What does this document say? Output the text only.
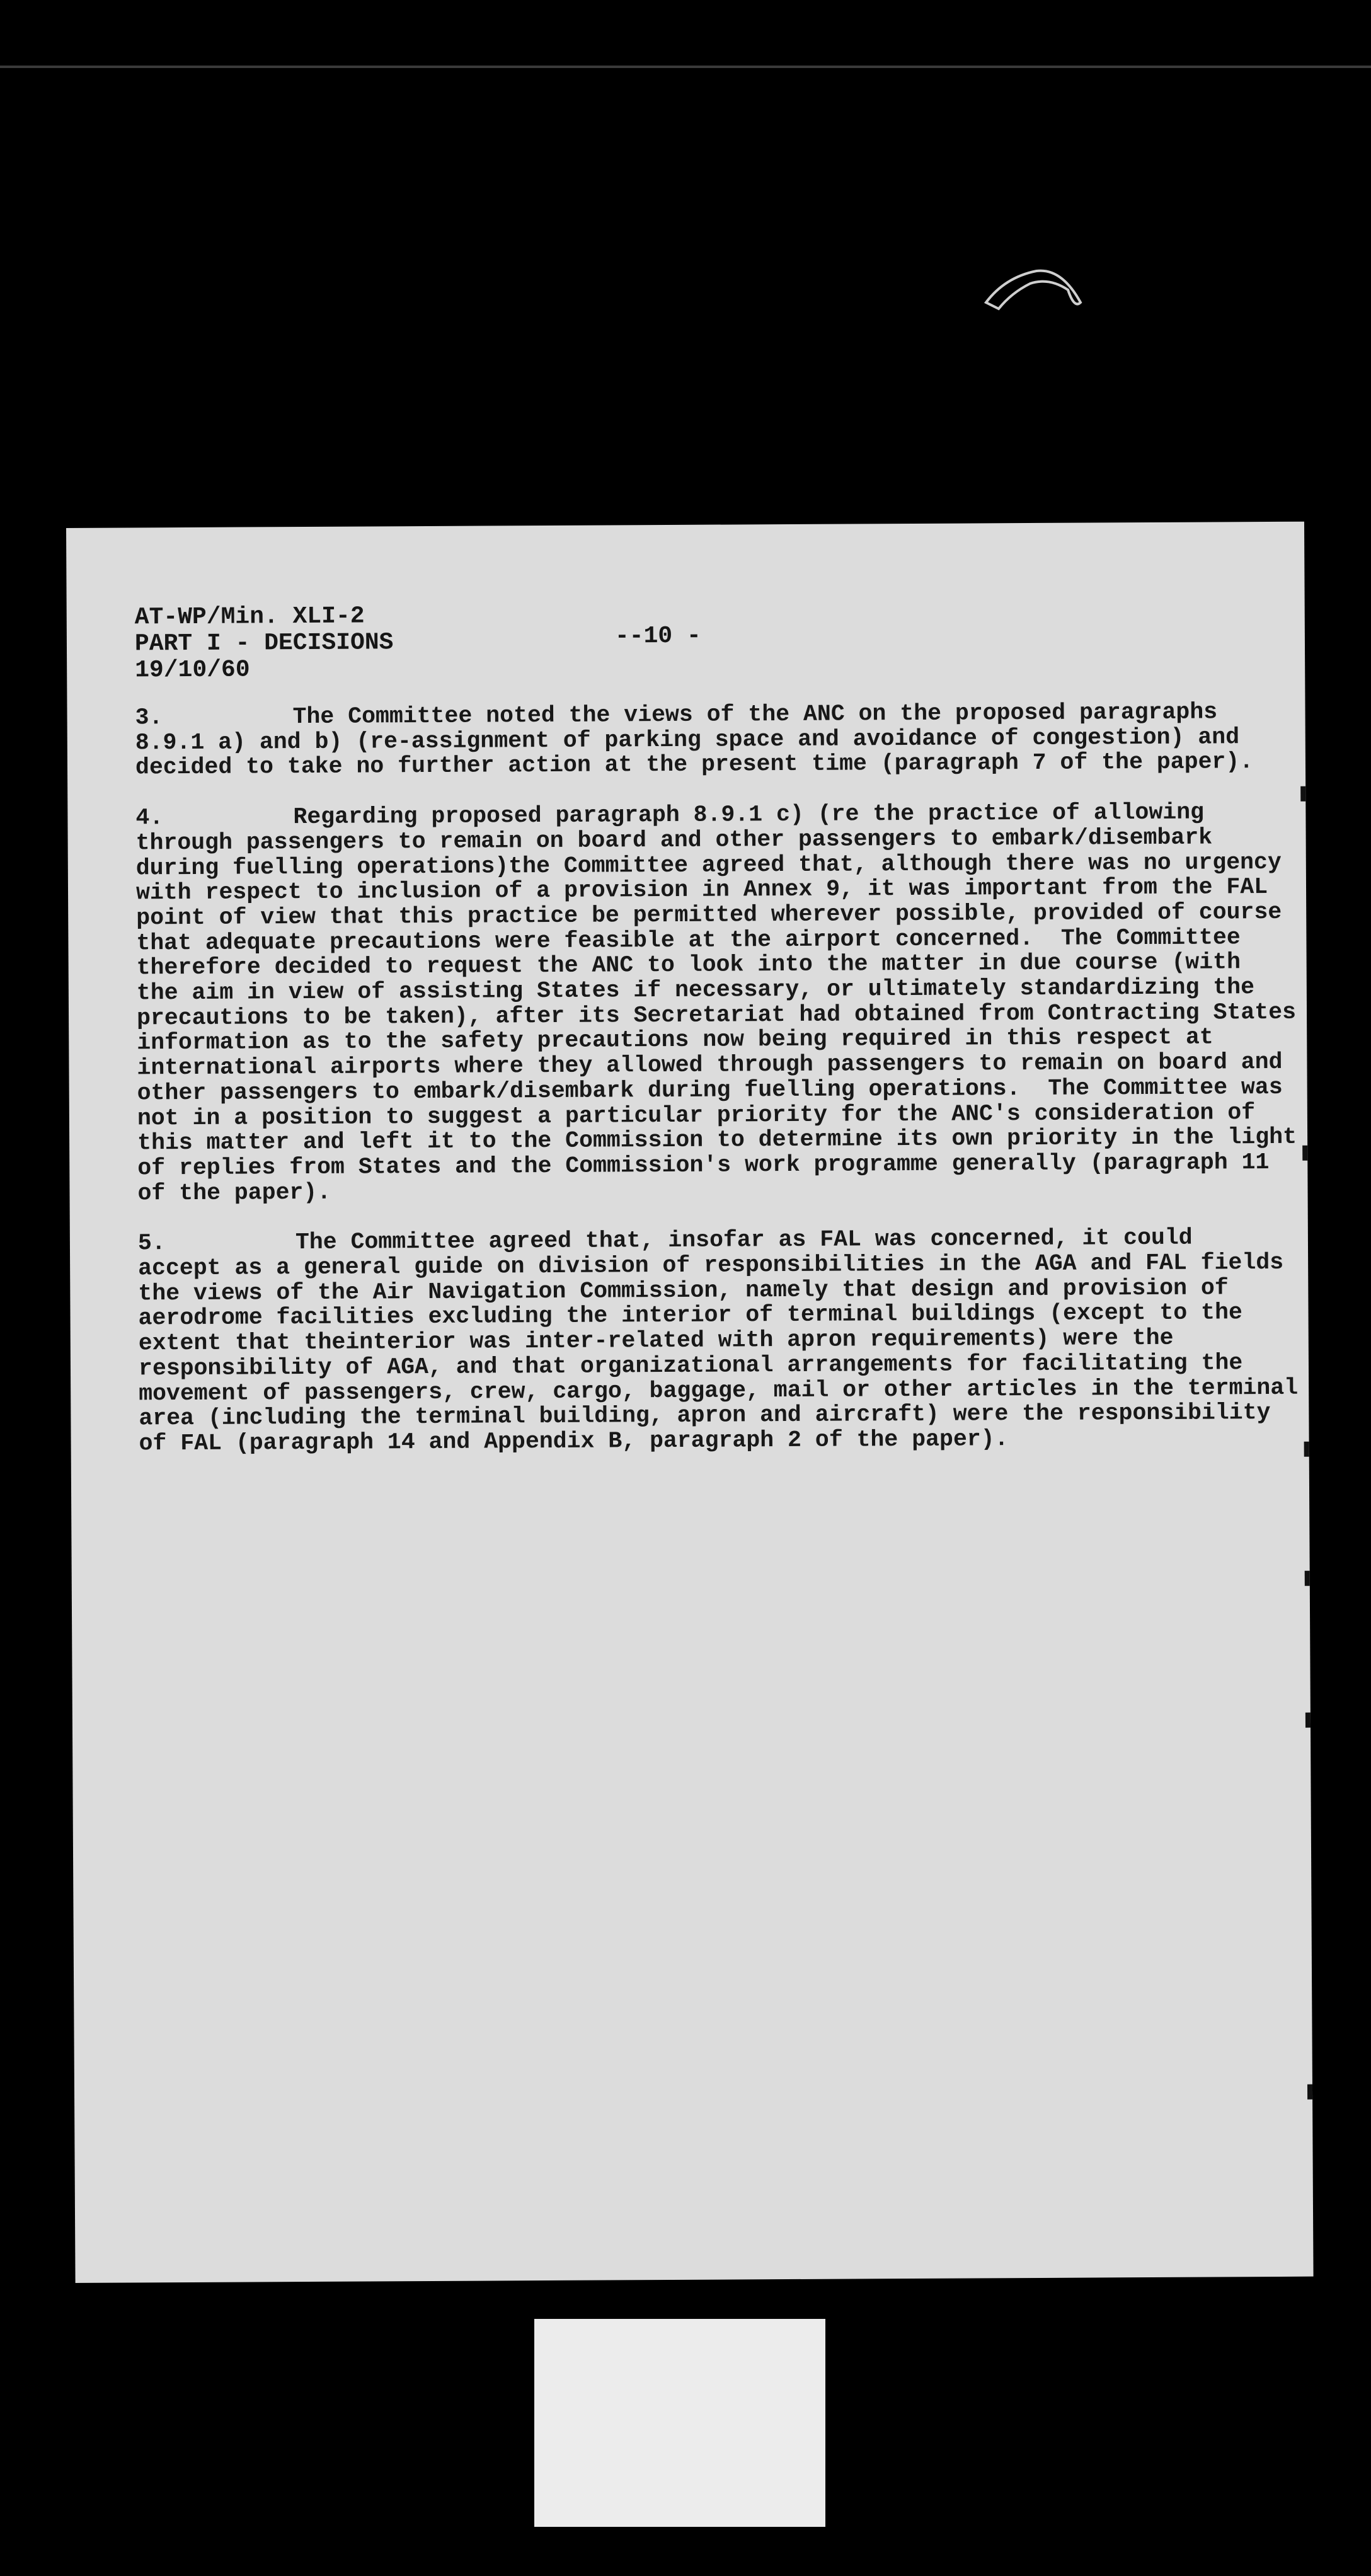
AT-WP/Min. XLI-2
PART I - DECISIONS
19/10/60
--10 -
3.	The Committee noted the views of the ANC on the proposed paragraphs
8.9.1 a) and b) (re-assignment of parking space and avoidance of congestion) and
decided to take no further action at the present time (paragraph 7 of the paper).
4.	Regarding proposed paragraph 8.9.1 c) (re the practice of allowing
through passengers to remain on board and other passengers to embark/disembark
during fuelling operations)the Committee agreed that, although there was no urgency
with respect to inclusion of a provision in Annex 9, it was important from the FAL
point of view that this practice be permitted wherever possible, provided of course
that adequate precautions were feasible at the airport concerned.  The Committee
therefore decided to request the ANC to look into the matter in due course (with
the aim in view of assisting States if necessary, or ultimately standardizing the
precautions to be taken), after its Secretariat had obtained from Contracting States
information as to the safety precautions now being required in this respect at
international airports where they allowed through passengers to remain on board and
other passengers to embark/disembark during fuelling operations.  The Committee was
not in a position to suggest a particular priority for the ANC's consideration of
this matter and left it to the Commission to determine its own priority in the light
of replies from States and the Commission's work programme generally (paragraph 11
of the paper).
5.	The Committee agreed that, insofar as FAL was concerned, it could
accept as a general guide on division of responsibilities in the AGA and FAL fields
the views of the Air Navigation Commission, namely that design and provision of
aerodrome facilities excluding the interior of terminal buildings (except to the
extent that theinterior was inter-related with apron requirements) were the
responsibility of AGA, and that organizational arrangements for facilitating the
movement of passengers, crew, cargo, baggage, mail or other articles in the terminal
area (including the terminal building, apron and aircraft) were the responsibility
of FAL (paragraph 14 and Appendix B, paragraph 2 of the paper).
